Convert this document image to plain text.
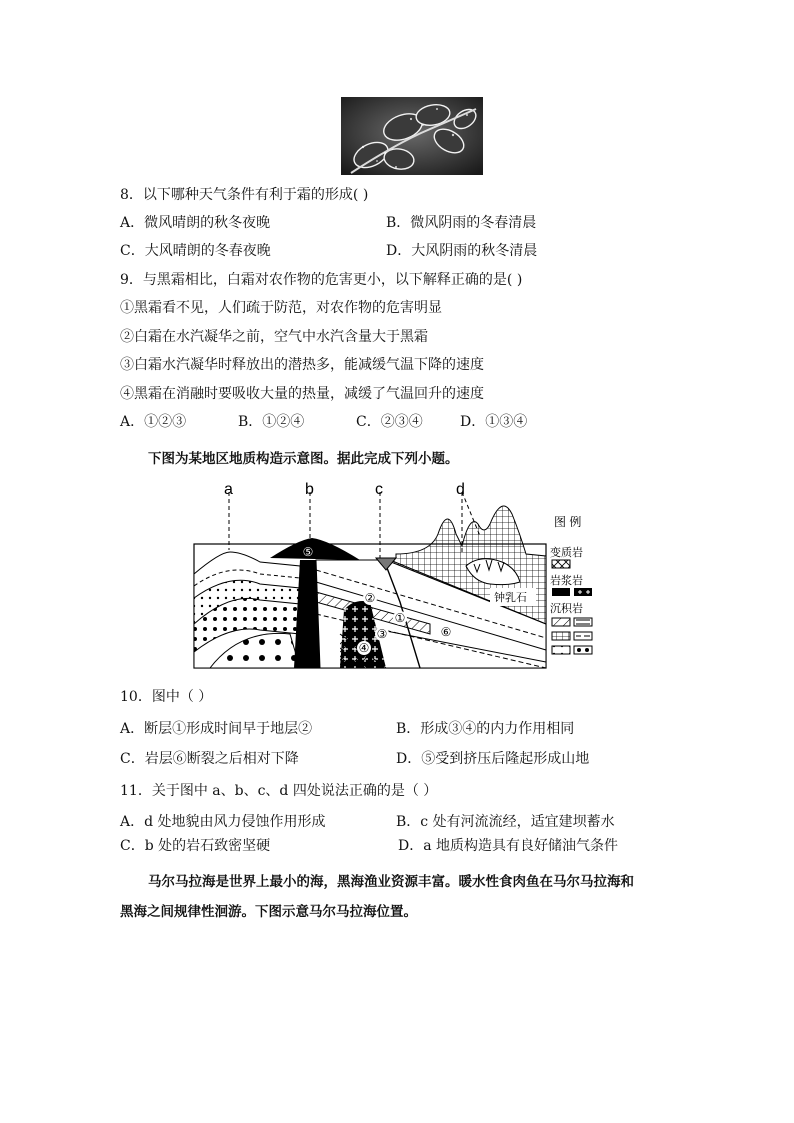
8．以下哪种天气条件有利于霜的形成( )
A．微风晴朗的秋冬夜晚	B．微风阴雨的冬春清晨
C．大风晴朗的冬春夜晚	D．大风阴雨的秋冬清晨
9．与黑霜相比，白霜对农作物的危害更小，以下解释正确的是( )
①黑霜看不见，人们疏于防范，对农作物的危害明显
②白霜在水汽凝华之前，空气中水汽含量大于黑霜
③白霜水汽凝华时释放出的潜热多，能减缓气温下降的速度
④黑霜在消融时要吸收大量的热量，减缓了气温回升的速度
A．①②③	B．①②④	C．②③④	D．①③④
下图为某地区地质构造示意图。据此完成下列小题。
钟乳石
a	b	c	d
①
②
③
④
⑤
⑥
图 例
变质岩
岩浆岩
沉积岩
10．图中（ ）
A．断层①形成时间早于地层②	B．形成③④的内力作用相同
C．岩层⑥断裂之后相对下降	D．⑤受到挤压后隆起形成山地
11．关于图中 a、b、c、d 四处说法正确的是（ ）
A．d 处地貌由风力侵蚀作用形成	B．c 处有河流流经，适宜建坝蓄水
C．b 处的岩石致密坚硬	D．a 地质构造具有良好储油气条件
马尔马拉海是世界上最小的海，黑海渔业资源丰富。暖水性食肉鱼在马尔马拉海和
黑海之间规律性洄游。下图示意马尔马拉海位置。
